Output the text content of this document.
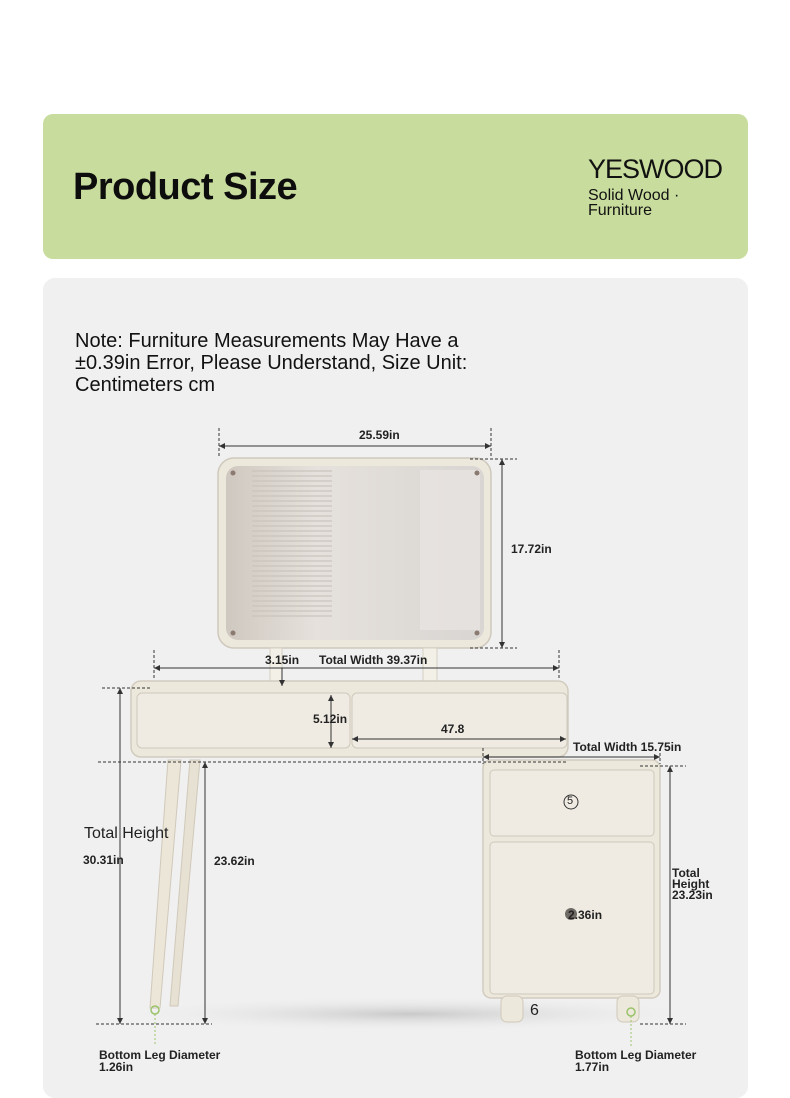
Product Size	YESWOOD
Solid Wood · Furniture
Note: Furniture Measurements May Have a ±0.39in Error, Please Understand, Size Unit: Centimeters cm
25.59in
17.72in
3.15in Total Width 39.37in
5.12in
47.8
Total Width 15.75in
Total Height
30.31in	23.62in
Total Height 23.23in
2.36in
5
6
Bottom Leg Diameter 1.26in
Bottom Leg Diameter 1.77in
